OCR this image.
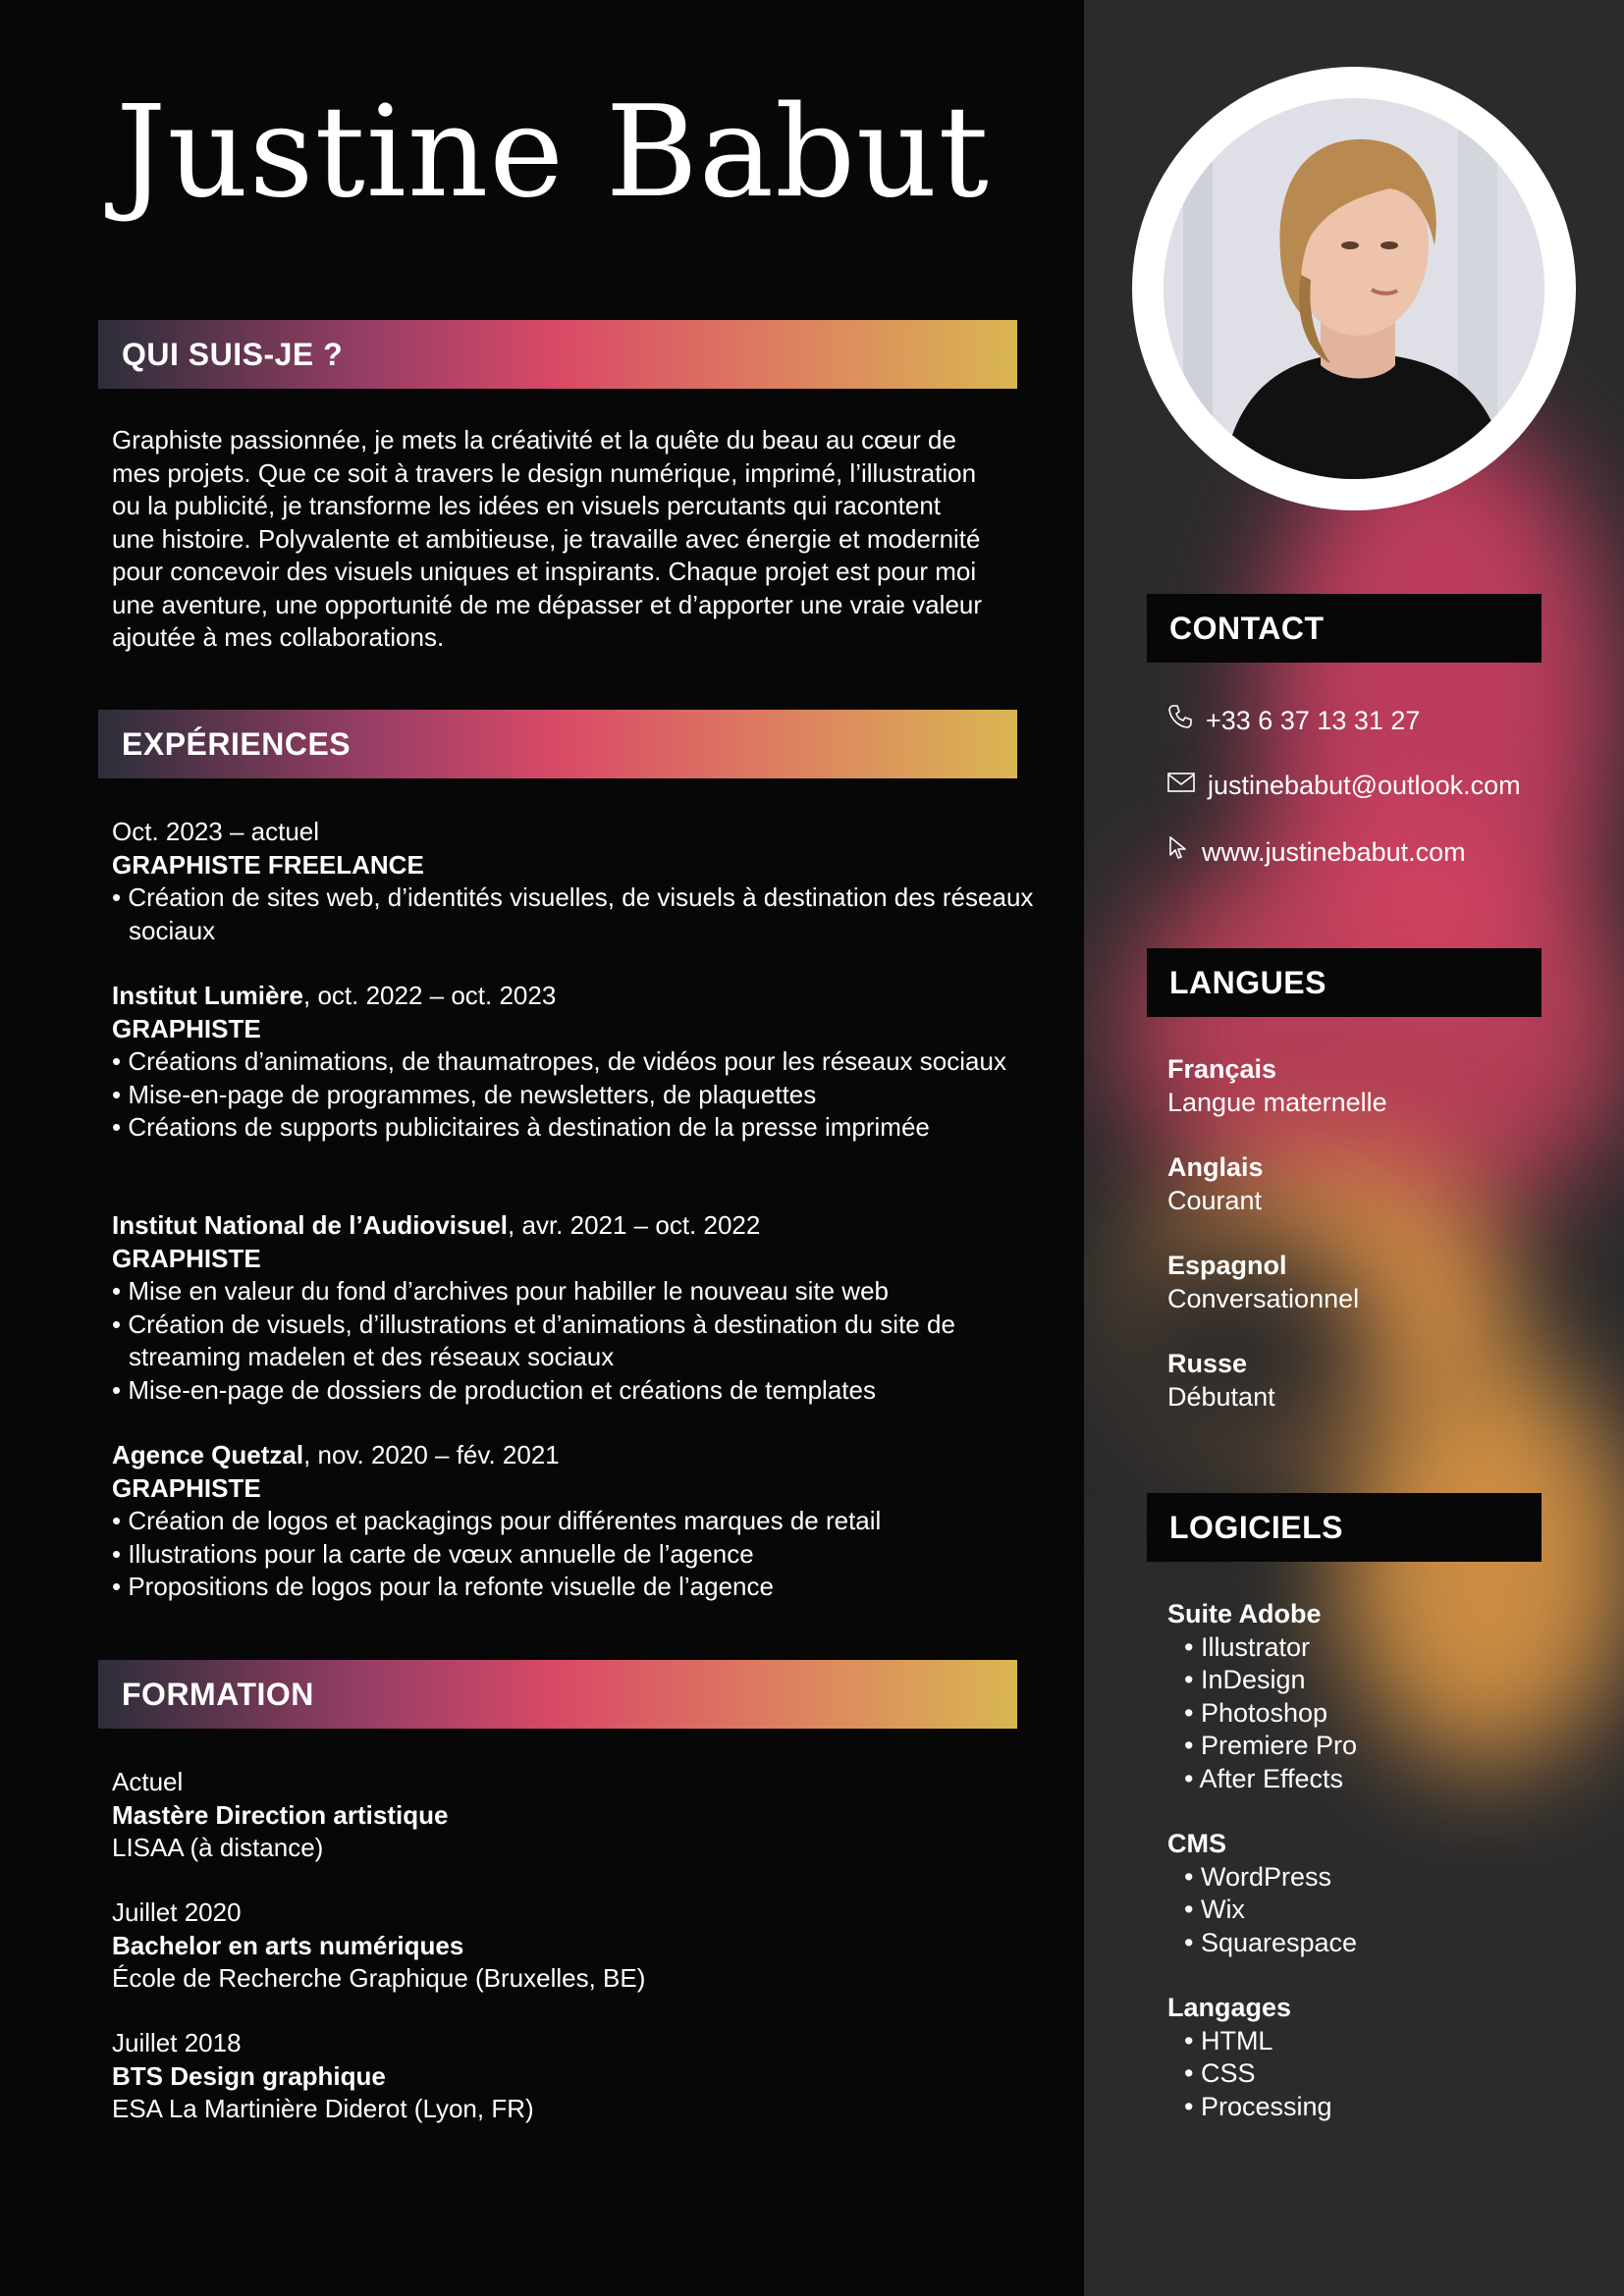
Justine Babut
QUI SUIS-JE ?
Graphiste passionnée, je mets la créativité et la quête du beau au cœur de
mes projets. Que ce soit à travers le design numérique, imprimé, l’illustration
ou la publicité, je transforme les idées en visuels percutants qui racontent
une histoire. Polyvalente et ambitieuse, je travaille avec énergie et modernité
pour concevoir des visuels uniques et inspirants. Chaque projet est pour moi
une aventure, une opportunité de me dépasser et d’apporter une vraie valeur
ajoutée à mes collaborations.
EXPÉRIENCES
Oct. 2023 – actuel
GRAPHISTE FREELANCE
• Création de sites web, d’identités visuelles, de visuels à destination des réseaux sociaux
Institut Lumière, oct. 2022 – oct. 2023
GRAPHISTE
• Créations d’animations, de thaumatropes, de vidéos pour les réseaux sociaux
• Mise-en-page de programmes, de newsletters, de plaquettes
• Créations de supports publicitaires à destination de la presse imprimée
Institut National de l’Audiovisuel, avr. 2021 – oct. 2022
GRAPHISTE
• Mise en valeur du fond d’archives pour habiller le nouveau site web
• Création de visuels, d’illustrations et d’animations à destination du site de streaming madelen et des réseaux sociaux
• Mise-en-page de dossiers de production et créations de templates
Agence Quetzal, nov. 2020 – fév. 2021
GRAPHISTE
• Création de logos et packagings pour différentes marques de retail
• Illustrations pour la carte de vœux annuelle de l’agence
• Propositions de logos pour la refonte visuelle de l’agence
FORMATION
Actuel
Mastère Direction artistique
LISAA (à distance)
Juillet 2020
Bachelor en arts numériques
École de Recherche Graphique (Bruxelles, BE)
Juillet 2018
BTS Design graphique
ESA La Martinière Diderot (Lyon, FR)
CONTACT
+33 6 37 13 31 27
justinebabut@outlook.com
www.justinebabut.com
LANGUES
Français
Langue maternelle
Anglais
Courant
Espagnol
Conversationnel
Russe
Débutant
LOGICIELS
Suite Adobe
• Illustrator
• InDesign
• Photoshop
• Premiere Pro
• After Effects
CMS
• WordPress
• Wix
• Squarespace
Langages
• HTML
• CSS
• Processing
